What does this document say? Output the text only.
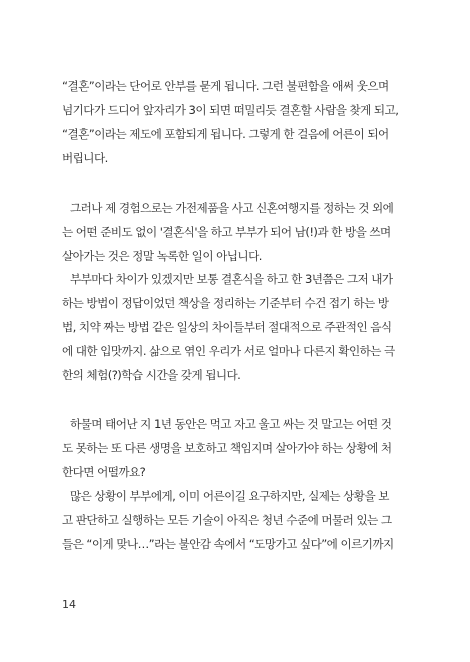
“결혼”이라는 단어로 안부를 묻게 됩니다. 그런 불편함을 애써 웃으며
넘기다가 드디어 앞자리가 3이 되면 떠밀리듯 결혼할 사람을 찾게 되고,
“결혼”이라는 제도에 포함되게 됩니다. 그렇게 한 걸음에 어른이 되어
버립니다.
그러나 제 경험으로는 가전제품을 사고 신혼여행지를 정하는 것 외에
는 어떤 준비도 없이 '결혼식'을 하고 부부가 되어 남(!)과 한 방을 쓰며
살아가는 것은 정말 녹록한 일이 아닙니다.
부부마다 차이가 있겠지만 보통 결혼식을 하고 한 3년쯤은 그저 내가
하는 방법이 정답이었던 책상을 정리하는 기준부터 수건 접기 하는 방
법, 치약 짜는 방법 같은 일상의 차이들부터 절대적으로 주관적인 음식
에 대한 입맛까지. 삶으로 엮인 우리가 서로 얼마나 다른지 확인하는 극
한의 체험(?)학습 시간을 갖게 됩니다.
하물며 태어난 지 1년 동안은 먹고 자고 울고 싸는 것 말고는 어떤 것
도 못하는 또 다른 생명을 보호하고 책임지며 살아가야 하는 상황에 처
한다면 어떨까요?
많은 상황이 부부에게, 이미 어른이길 요구하지만, 실제는 상황을 보
고 판단하고 실행하는 모든 기술이 아직은 청년 수준에 머물러 있는 그
들은 “이게 맞나…”라는 불안감 속에서 “도망가고 싶다”에 이르기까지
14
